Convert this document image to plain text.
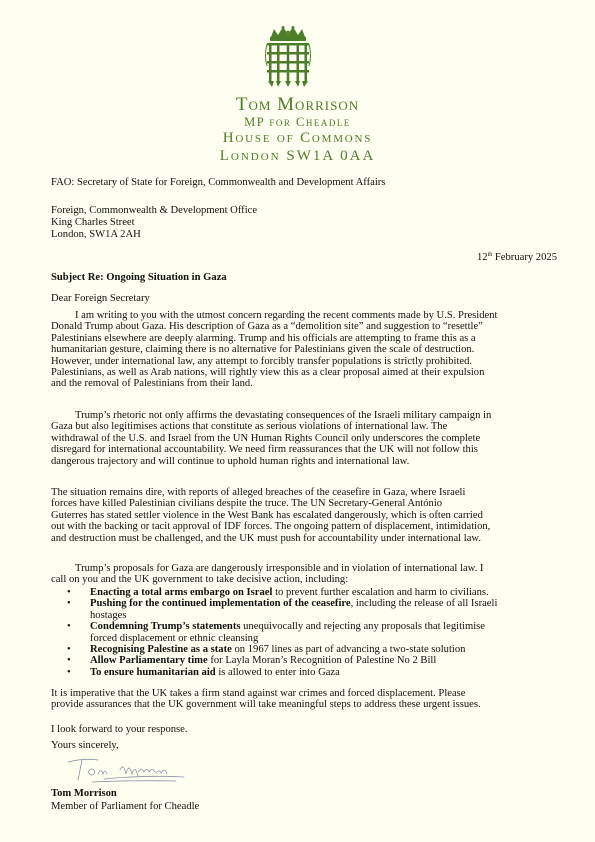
Tom Morrison
MP for Cheadle
House of Commons
London SW1A 0AA
FAO: Secretary of State for Foreign, Commonwealth and Development Affairs
Foreign, Commonwealth & Development Office
King Charles Street
London, SW1A 2AH
12th February 2025
Subject Re: Ongoing Situation in Gaza
Dear Foreign Secretary
I am writing to you with the utmost concern regarding the recent comments made by U.S. President
Donald Trump about Gaza. His description of Gaza as a “demolition site” and suggestion to “resettle”
Palestinians elsewhere are deeply alarming. Trump and his officials are attempting to frame this as a
humanitarian gesture, claiming there is no alternative for Palestinians given the scale of destruction.
However, under international law, any attempt to forcibly transfer populations is strictly prohibited.
Palestinians, as well as Arab nations, will rightly view this as a clear proposal aimed at their expulsion
and the removal of Palestinians from their land.
Trump’s rhetoric not only affirms the devastating consequences of the Israeli military campaign in
Gaza but also legitimises actions that constitute as serious violations of international law. The
withdrawal of the U.S. and Israel from the UN Human Rights Council only underscores the complete
disregard for international accountability. We need firm reassurances that the UK will not follow this
dangerous trajectory and will continue to uphold human rights and international law.
The situation remains dire, with reports of alleged breaches of the ceasefire in Gaza, where Israeli
forces have killed Palestinian civilians despite the truce. The UN Secretary-General António
Guterres has stated settler violence in the West Bank has escalated dangerously, which is often carried
out with the backing or tacit approval of IDF forces. The ongoing pattern of displacement, intimidation,
and destruction must be challenged, and the UK must push for accountability under international law.
Trump’s proposals for Gaza are dangerously irresponsible and in violation of international law. I
call on you and the UK government to take decisive action, including:
• Enacting a total arms embargo on Israel to prevent further escalation and harm to civilians.
• Pushing for the continued implementation of the ceasefire, including the release of all Israeli
hostages
• Condemning Trump’s statements unequivocally and rejecting any proposals that legitimise
forced displacement or ethnic cleansing
• Recognising Palestine as a state on 1967 lines as part of advancing a two-state solution
• Allow Parliamentary time for Layla Moran’s Recognition of Palestine No 2 Bill
• To ensure humanitarian aid is allowed to enter into Gaza
It is imperative that the UK takes a firm stand against war crimes and forced displacement. Please
provide assurances that the UK government will take meaningful steps to address these urgent issues.
I look forward to your response.
Yours sincerely,
Tom Morrison
Member of Parliament for Cheadle
